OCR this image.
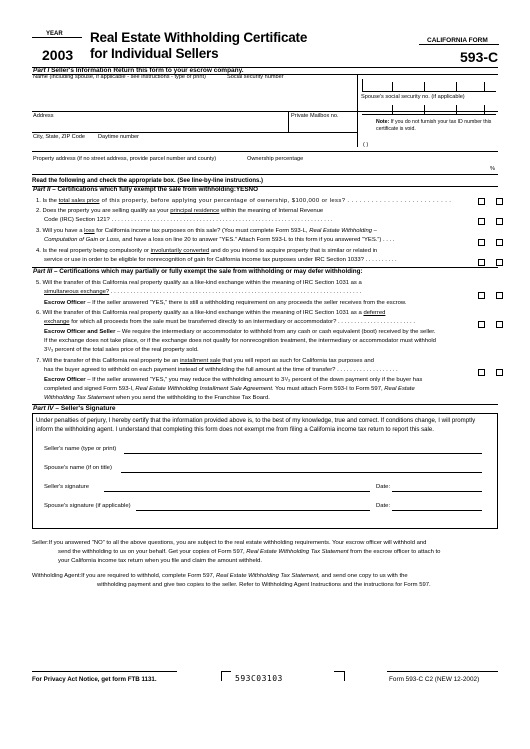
YEAR
2003
Real Estate Withholding Certificate
for Individual Sellers
CALIFORNIA FORM
593-C
Part I Seller's Information Return this form to your escrow company.
Name (including spouse, if applicable - see instructions - type or print)	Social security number
Spouse's social security no. (if applicable)
Address	Private Mailbox no.
Note: If you do not furnish your tax ID number this certificate is void.
City, State, ZIP Code Daytime number
( )
Property address (if no street address, provide parcel number and county)	Ownership percentage
%
Read the following and check the appropriate box. (See line-by-line instructions.)
Part II – Certifications which fully exempt the sale from withholding:YESNO
1. Is the total sales price of this property, before applying your percentage of ownership, $100,000 or less? . . . . . . . . . . . . . . . . . . . . . . . . . .
2. Does the property you are selling qualify as your principal residence within the meaning of Internal Revenue
Code (IRC) Section 121? . . . . . . . . . . . . . . . . . . . . . . . . . . . . . . . . . . . . . . . . . . . . . . . . . . . . . . . . . . . . . . . . . . . .
3. Will you have a loss for California income tax purposes on this sale? (You must complete Form 593-L, Real Estate Withholding –
Computation of Gain or Loss, and have a loss on line 20 to answer “YES.” Attach Form 593-L to this form if you answered “YES.”) . . . .
4. Is the real property being compulsorily or involuntarily converted and do you intend to acquire property that is similar or related in
service or use in order to be eligible for nonrecognition of gain for California income tax purposes under IRC Section 1033? . . . . . . . . . .
Part III – Certifications which may partially or fully exempt the sale from withholding or may defer withholding:
5. Will the transfer of this California real property qualify as a like-kind exchange within the meaning of IRC Section 1031 as a
simultaneous exchange? . . . . . . . . . . . . . . . . . . . . . . . . . . . . . . . . . . . . . . . . . . . . . . . . . . . . . . . . . . . . . . . . . . . . . . . . . . . . .
Escrow Officer – If the seller answered “YES,” there is still a withholding requirement on any proceeds the seller receives from the escrow.
6. Will the transfer of this California real property qualify as a like-kind exchange within the meaning of IRC Section 1031 as a deferred
exchange for which all proceeds from the sale must be transferred directly to an intermediary or accommodator? . . . . . . . . . . . . . . . . . . . . . . . .
Escrow Officer and Seller – We require the intermediary or accommodator to withhold from any cash or cash equivalent (boot) received by the seller.
If the exchange does not take place, or if the exchange does not qualify for nonrecognition treatment, the intermediary or accommodator must withhold
3¹/₃ percent of the total sales price of the real property sold.
7. Will the transfer of this California real property be an installment sale that you will report as such for California tax purposes and
has the buyer agreed to withhold on each payment instead of withholding the full amount at the time of transfer? . . . . . . . . . . . . . . . . . . .
Escrow Officer – If the seller answered “YES,” you may reduce the withholding amount to 3¹/₃ percent of the down payment only if the buyer has
completed and signed Form 593-I, Real Estate Withholding Installment Sale Agreement. You must attach Form 593-I to Form 597, Real Estate
Withholding Tax Statement when you send the withholding to the Franchise Tax Board.
Part IV – Seller's Signature
Under penalties of perjury, I hereby certify that the information provided above is, to the best of my knowledge, true and correct. If conditions change, I will promptly inform the withholding agent. I understand that completing this form does not exempt me from filing a California income tax return to report this sale.
Seller's name (type or print)
Spouse's name (if on title)
Seller's signature	Date:
Spouse's signature (if applicable)	Date:
Seller:If you answered “NO” to all the above questions, you are subject to the real estate withholding requirements. Your escrow officer will withhold and
send the withholding to us on your behalf. Get your copies of Form 597, Real Estate Withholding Tax Statement from the escrow officer to attach to
your California income tax return when you file and claim the amount withheld.
Withholding Agent:If you are required to withhold, complete Form 597, Real Estate Withholding Tax Statement, and send one copy to us with the
withholding payment and give two copies to the seller. Refer to Withholding Agent Instructions and the instructions for Form 597.
For Privacy Act Notice, get form FTB 1131.	593C03103	Form 593-C C2 (NEW 12-2002)
